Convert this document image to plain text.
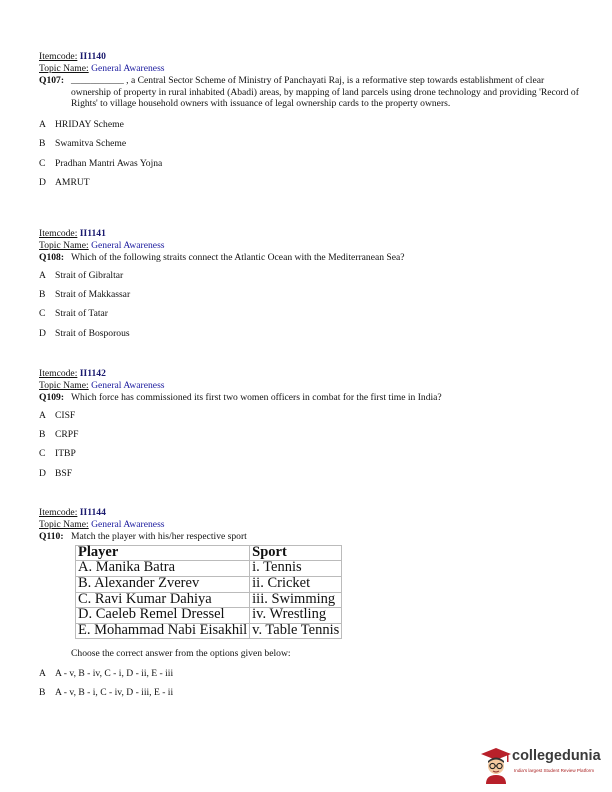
Itemcode: II1140
Topic Name: General Awareness
Q107: ___________ , a Central Sector Scheme of Ministry of Panchayati Raj, is a reformative step towards establishment of clear ownership of property in rural inhabited (Abadi) areas, by mapping of land parcels using drone technology and providing 'Record of Rights' to village household owners with issuance of legal ownership cards to the property owners.
A HRIDAY Scheme
B Swamitva Scheme
C Pradhan Mantri Awas Yojna
D AMRUT
Itemcode: II1141
Topic Name: General Awareness
Q108: Which of the following straits connect the Atlantic Ocean with the Mediterranean Sea?
A Strait of Gibraltar
B Strait of Makkassar
C Strait of Tatar
D Strait of Bosporous
Itemcode: II1142
Topic Name: General Awareness
Q109: Which force has commissioned its first two women officers in combat for the first time in India?
A CISF
B CRPF
C ITBP
D BSF
Itemcode: II1144
Topic Name: General Awareness
Q110: Match the player with his/her respective sport
Player	Sport
A. Manika Batra	i. Tennis
B. Alexander Zverev	ii. Cricket
C. Ravi Kumar Dahiya	iii. Swimming
D. Caeleb Remel Dressel	iv. Wrestling
E. Mohammad Nabi Eisakhil	v. Table Tennis
Choose the correct answer from the options given below:
A A - v, B - iv, C - i, D - ii, E - iii
B A - v, B - i, C - iv, D - iii, E - ii
collegedunia
India's largest Student Review Platform
